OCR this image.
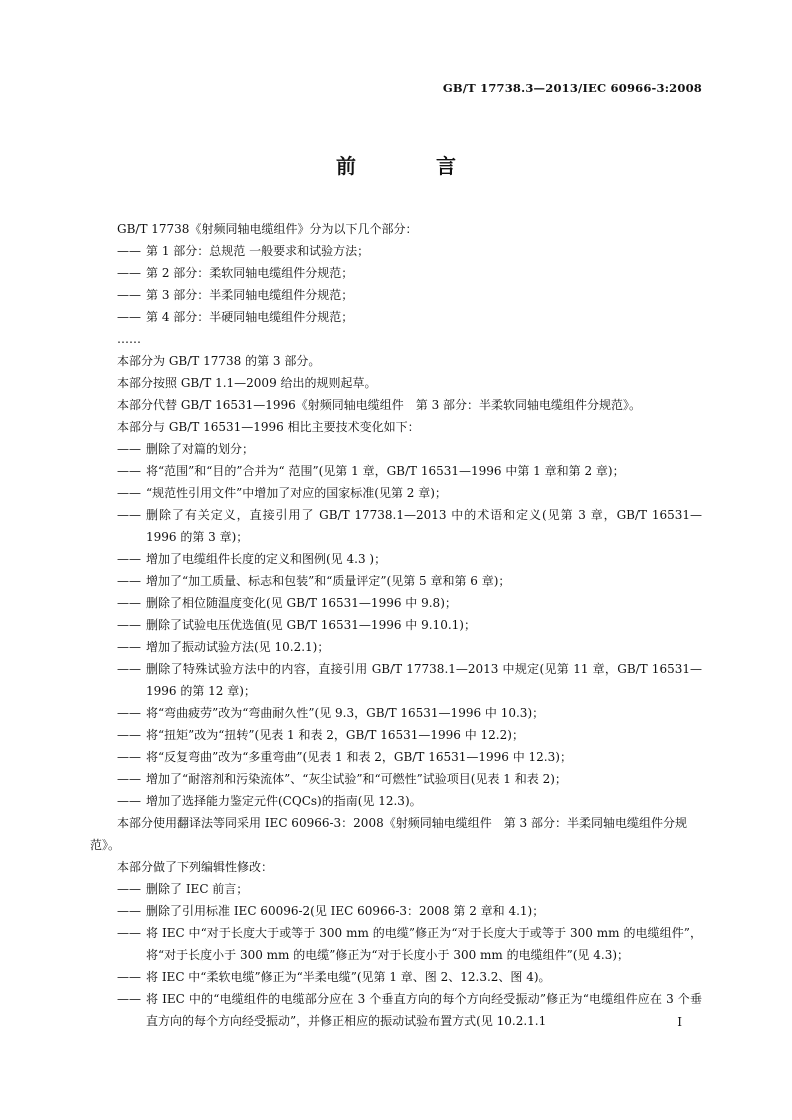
GB/T 17738.3—2013/IEC 60966-3:2008
前　言

GB/T 17738《射频同轴电缆组件》分为以下几个部分：

—— 第 1 部分：总规范 一般要求和试验方法；

—— 第 2 部分：柔软同轴电缆组件分规范；

—— 第 3 部分：半柔同轴电缆组件分规范；

—— 第 4 部分：半硬同轴电缆组件分规范；

……

本部分为 GB/T 17738 的第 3 部分。

本部分按照 GB/T 1.1—2009 给出的规则起草。

本部分代替 GB/T 16531—1996《射频同轴电缆组件　第 3 部分：半柔软同轴电缆组件分规范》。

本部分与 GB/T 16531—1996 相比主要技术变化如下：

—— 删除了对篇的划分；

—— 将“范围”和“目的”合并为“ 范围”(见第 1 章，GB/T 16531—1996 中第 1 章和第 2 章)；

—— “规范性引用文件”中增加了对应的国家标准(见第 2 章)；

—— 删除了有关定义，直接引用了 GB/T 17738.1—2013 中的术语和定义(见第 3 章，GB/T 16531—1996 的第 3 章)；

—— 增加了电缆组件长度的定义和图例(见 4.3 )；

—— 增加了“加工质量、标志和包装”和“质量评定”(见第 5 章和第 6 章)；

—— 删除了相位随温度变化(见 GB/T 16531—1996 中 9.8)；

—— 删除了试验电压优选值(见 GB/T 16531—1996 中 9.10.1)；

—— 增加了振动试验方法(见 10.2.1)；

—— 删除了特殊试验方法中的内容，直接引用 GB/T 17738.1—2013 中规定(见第 11 章，GB/T 16531—1996 的第 12 章)；

—— 将“弯曲疲劳”改为“弯曲耐久性”(见 9.3，GB/T 16531—1996 中 10.3)；

—— 将“扭矩”改为“扭转”(见表 1 和表 2，GB/T 16531—1996 中 12.2)；

—— 将“反复弯曲”改为“多重弯曲”(见表 1 和表 2，GB/T 16531—1996 中 12.3)；

—— 增加了“耐溶剂和污染流体”、“灰尘试验”和“可燃性”试验项目(见表 1 和表 2)；

—— 增加了选择能力鉴定元件(CQCs)的指南(见 12.3)。

本部分使用翻译法等同采用 IEC 60966-3：2008《射频同轴电缆组件　第 3 部分：半柔同轴电缆组件分规范》。

本部分做了下列编辑性修改：

—— 删除了 IEC 前言；

—— 删除了引用标准 IEC 60096-2(见 IEC 60966-3：2008 第 2 章和 4.1)；

—— 将 IEC 中“对于长度大于或等于 300 mm 的电缆”修正为“对于长度大于或等于 300 mm 的电缆组件”，将“对于长度小于 300 mm 的电缆”修正为“对于长度小于 300 mm 的电缆组件”(见 4.3)；

—— 将 IEC 中“柔软电缆”修正为“半柔电缆”(见第 1 章、图 2、12.3.2、图 4)。

—— 将 IEC 中的“电缆组件的电缆部分应在 3 个垂直方向的每个方向经受振动”修正为“电缆组件应在 3 个垂直方向的每个方向经受振动”，并修正相应的振动试验布置方式(见 10.2.1.1	I
